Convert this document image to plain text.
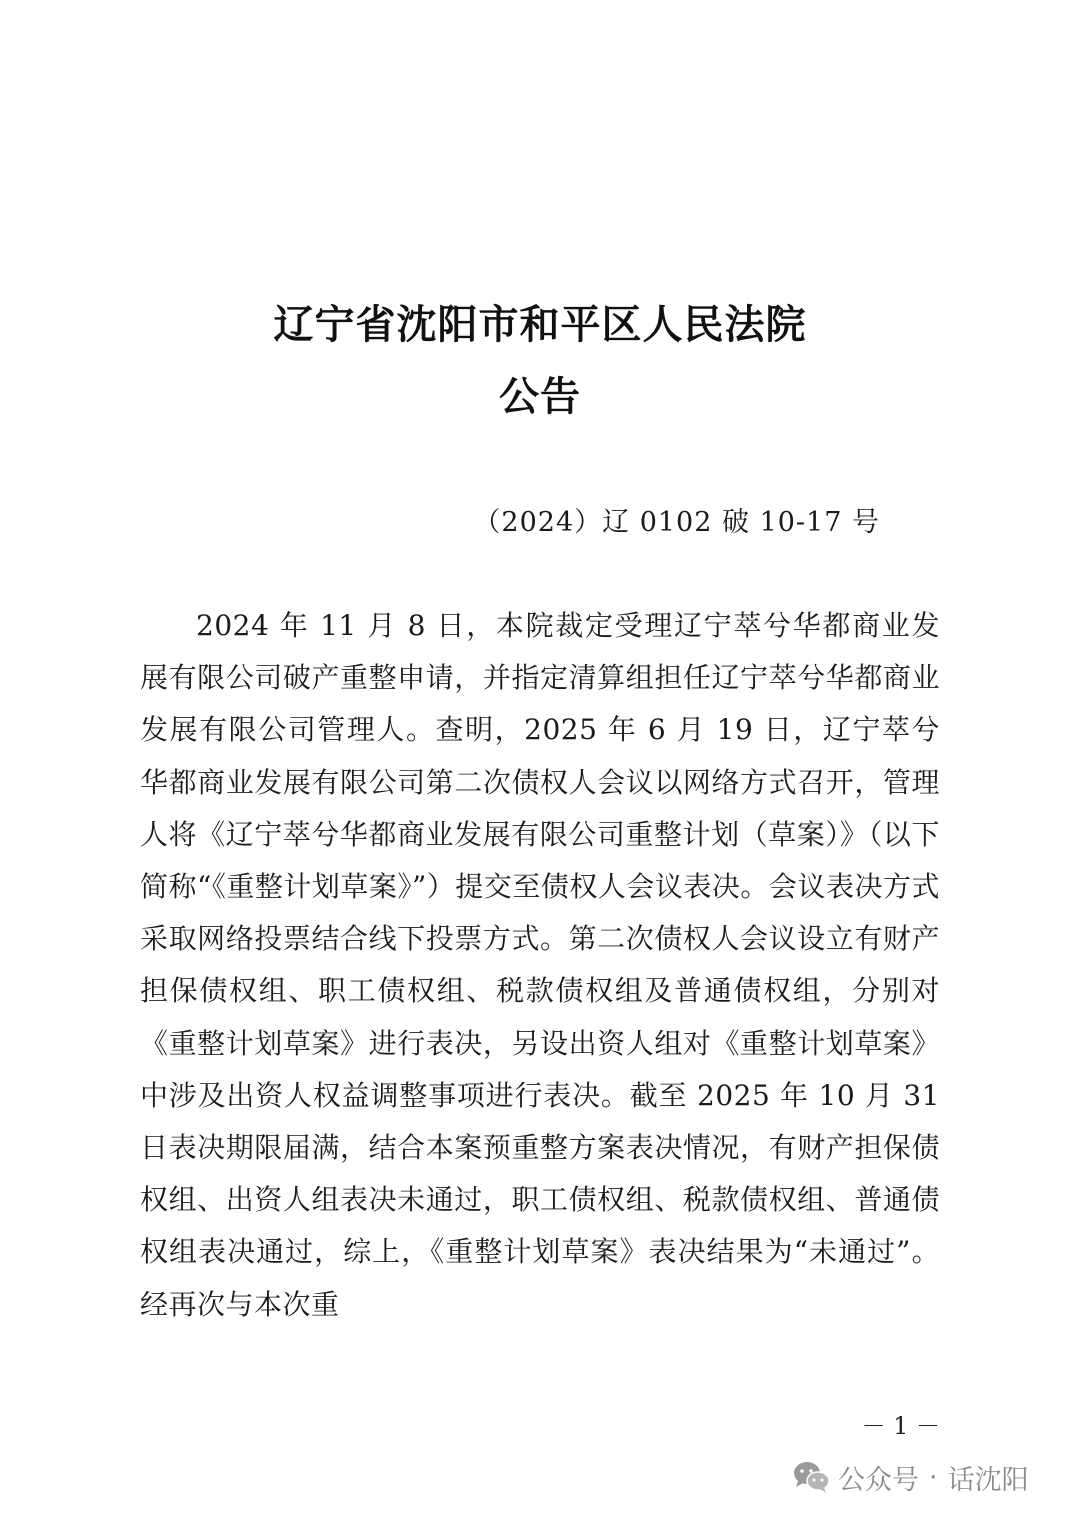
辽宁省沈阳市和平区人民法院
公告
（2024）辽 0102 破 10-17 号

2024 年 11 月 8 日，本院裁定受理辽宁萃兮华都商业发展有限公司破产重整申请，并指定清算组担任辽宁萃兮华都商业发展有限公司管理人。查明，2025 年 6 月 19 日，辽宁萃兮华都商业发展有限公司第二次债权人会议以网络方式召开，管理人将《辽宁萃兮华都商业发展有限公司重整计划（草案）》（以下简称“《重整计划草案》”）提交至债权人会议表决。会议表决方式采取网络投票结合线下投票方式。第二次债权人会议设立有财产担保债权组、职工债权组、税款债权组及普通债权组，分别对《重整计划草案》进行表决，另设出资人组对《重整计划草案》中涉及出资人权益调整事项进行表决。截至 2025 年 10 月 31 日表决期限届满，结合本案预重整方案表决情况，有财产担保债权组、出资人组表决未通过，职工债权组、税款债权组、普通债权组表决通过，综上，《重整计划草案》表决结果为“未通过”。经再次与本次重

－ 1 －
公众号 · 话沈阳
